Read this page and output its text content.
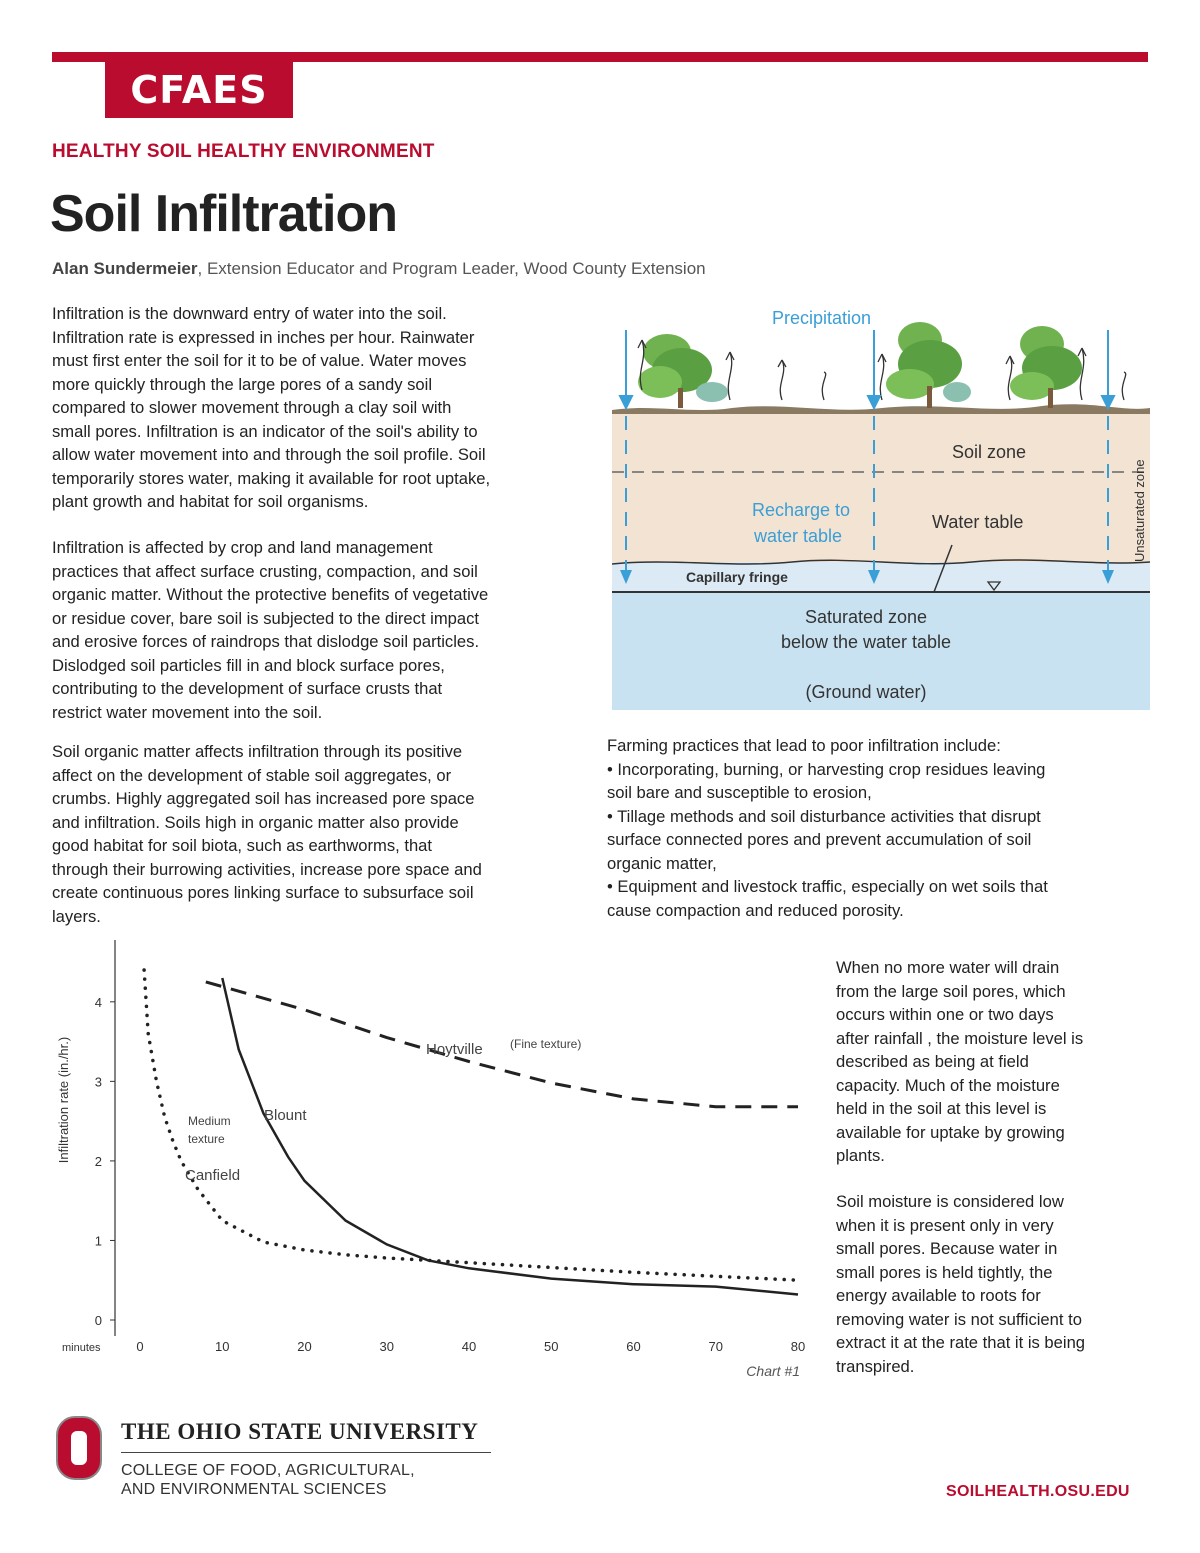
CFAES
HEALTHY SOIL HEALTHY ENVIRONMENT
Soil Infiltration
Alan Sundermeier, Extension Educator and Program Leader, Wood County Extension

Infiltration is the downward entry of water into the soil.
Infiltration rate is expressed in inches per hour. Rainwater
must first enter the soil for it to be of value. Water moves
more quickly through the large pores of a sandy soil
compared to slower movement through a clay soil with
small pores. Infiltration is an indicator of the soil's ability to
allow water movement into and through the soil profile. Soil
temporarily stores water, making it available for root uptake,
plant growth and habitat for soil organisms.

Infiltration is affected by crop and land management
practices that affect surface crusting, compaction, and soil
organic matter. Without the protective benefits of vegetative
or residue cover, bare soil is subjected to the direct impact
and erosive forces of raindrops that dislodge soil particles.
Dislodged soil particles fill in and block surface pores,
contributing to the development of surface crusts that
restrict water movement into the soil.

Soil organic matter affects infiltration through its positive
affect on the development of stable soil aggregates, or
crumbs. Highly aggregated soil has increased pore space
and infiltration. Soils high in organic matter also provide
good habitat for soil biota, such as earthworms, that
through their burrowing activities, increase pore space and
create continuous pores linking surface to subsurface soil
layers.

Farming practices that lead to poor infiltration include:
• Incorporating, burning, or harvesting crop residues leaving
soil bare and susceptible to erosion,
• Tillage methods and soil disturbance activities that disrupt
surface connected pores and prevent accumulation of soil
organic matter,
• Equipment and livestock traffic, especially on wet soils that
cause compaction and reduced porosity.

When no more water will drain
from the large soil pores, which
occurs within one or two days
after rainfall , the moisture level is
described as being at field
capacity. Much of the moisture
held in the soil at this level is
available for uptake by growing
plants.

Soil moisture is considered low
when it is present only in very
small pores. Because water in
small pores is held tightly, the
energy available to roots for
removing water is not sufficient to
extract it at the rate that it is being
transpired.

Precipitation
Soil zone
Recharge to
water table
Water table	Unsaturated zone
Capillary fringe
Saturated zone
below the water table
(Ground water)
0
1
2
3
4
0	10	20	30	40	50	60	70	80
Infiltration rate (in./hr.)
minutes
Hoytville (Fine texture)
Blount
Medium
texture
Canfield
Chart #1
THE OHIO STATE UNIVERSITY
COLLEGE OF FOOD, AGRICULTURAL,
AND ENVIRONMENTAL SCIENCES	SOILHEALTH.OSU.EDU
